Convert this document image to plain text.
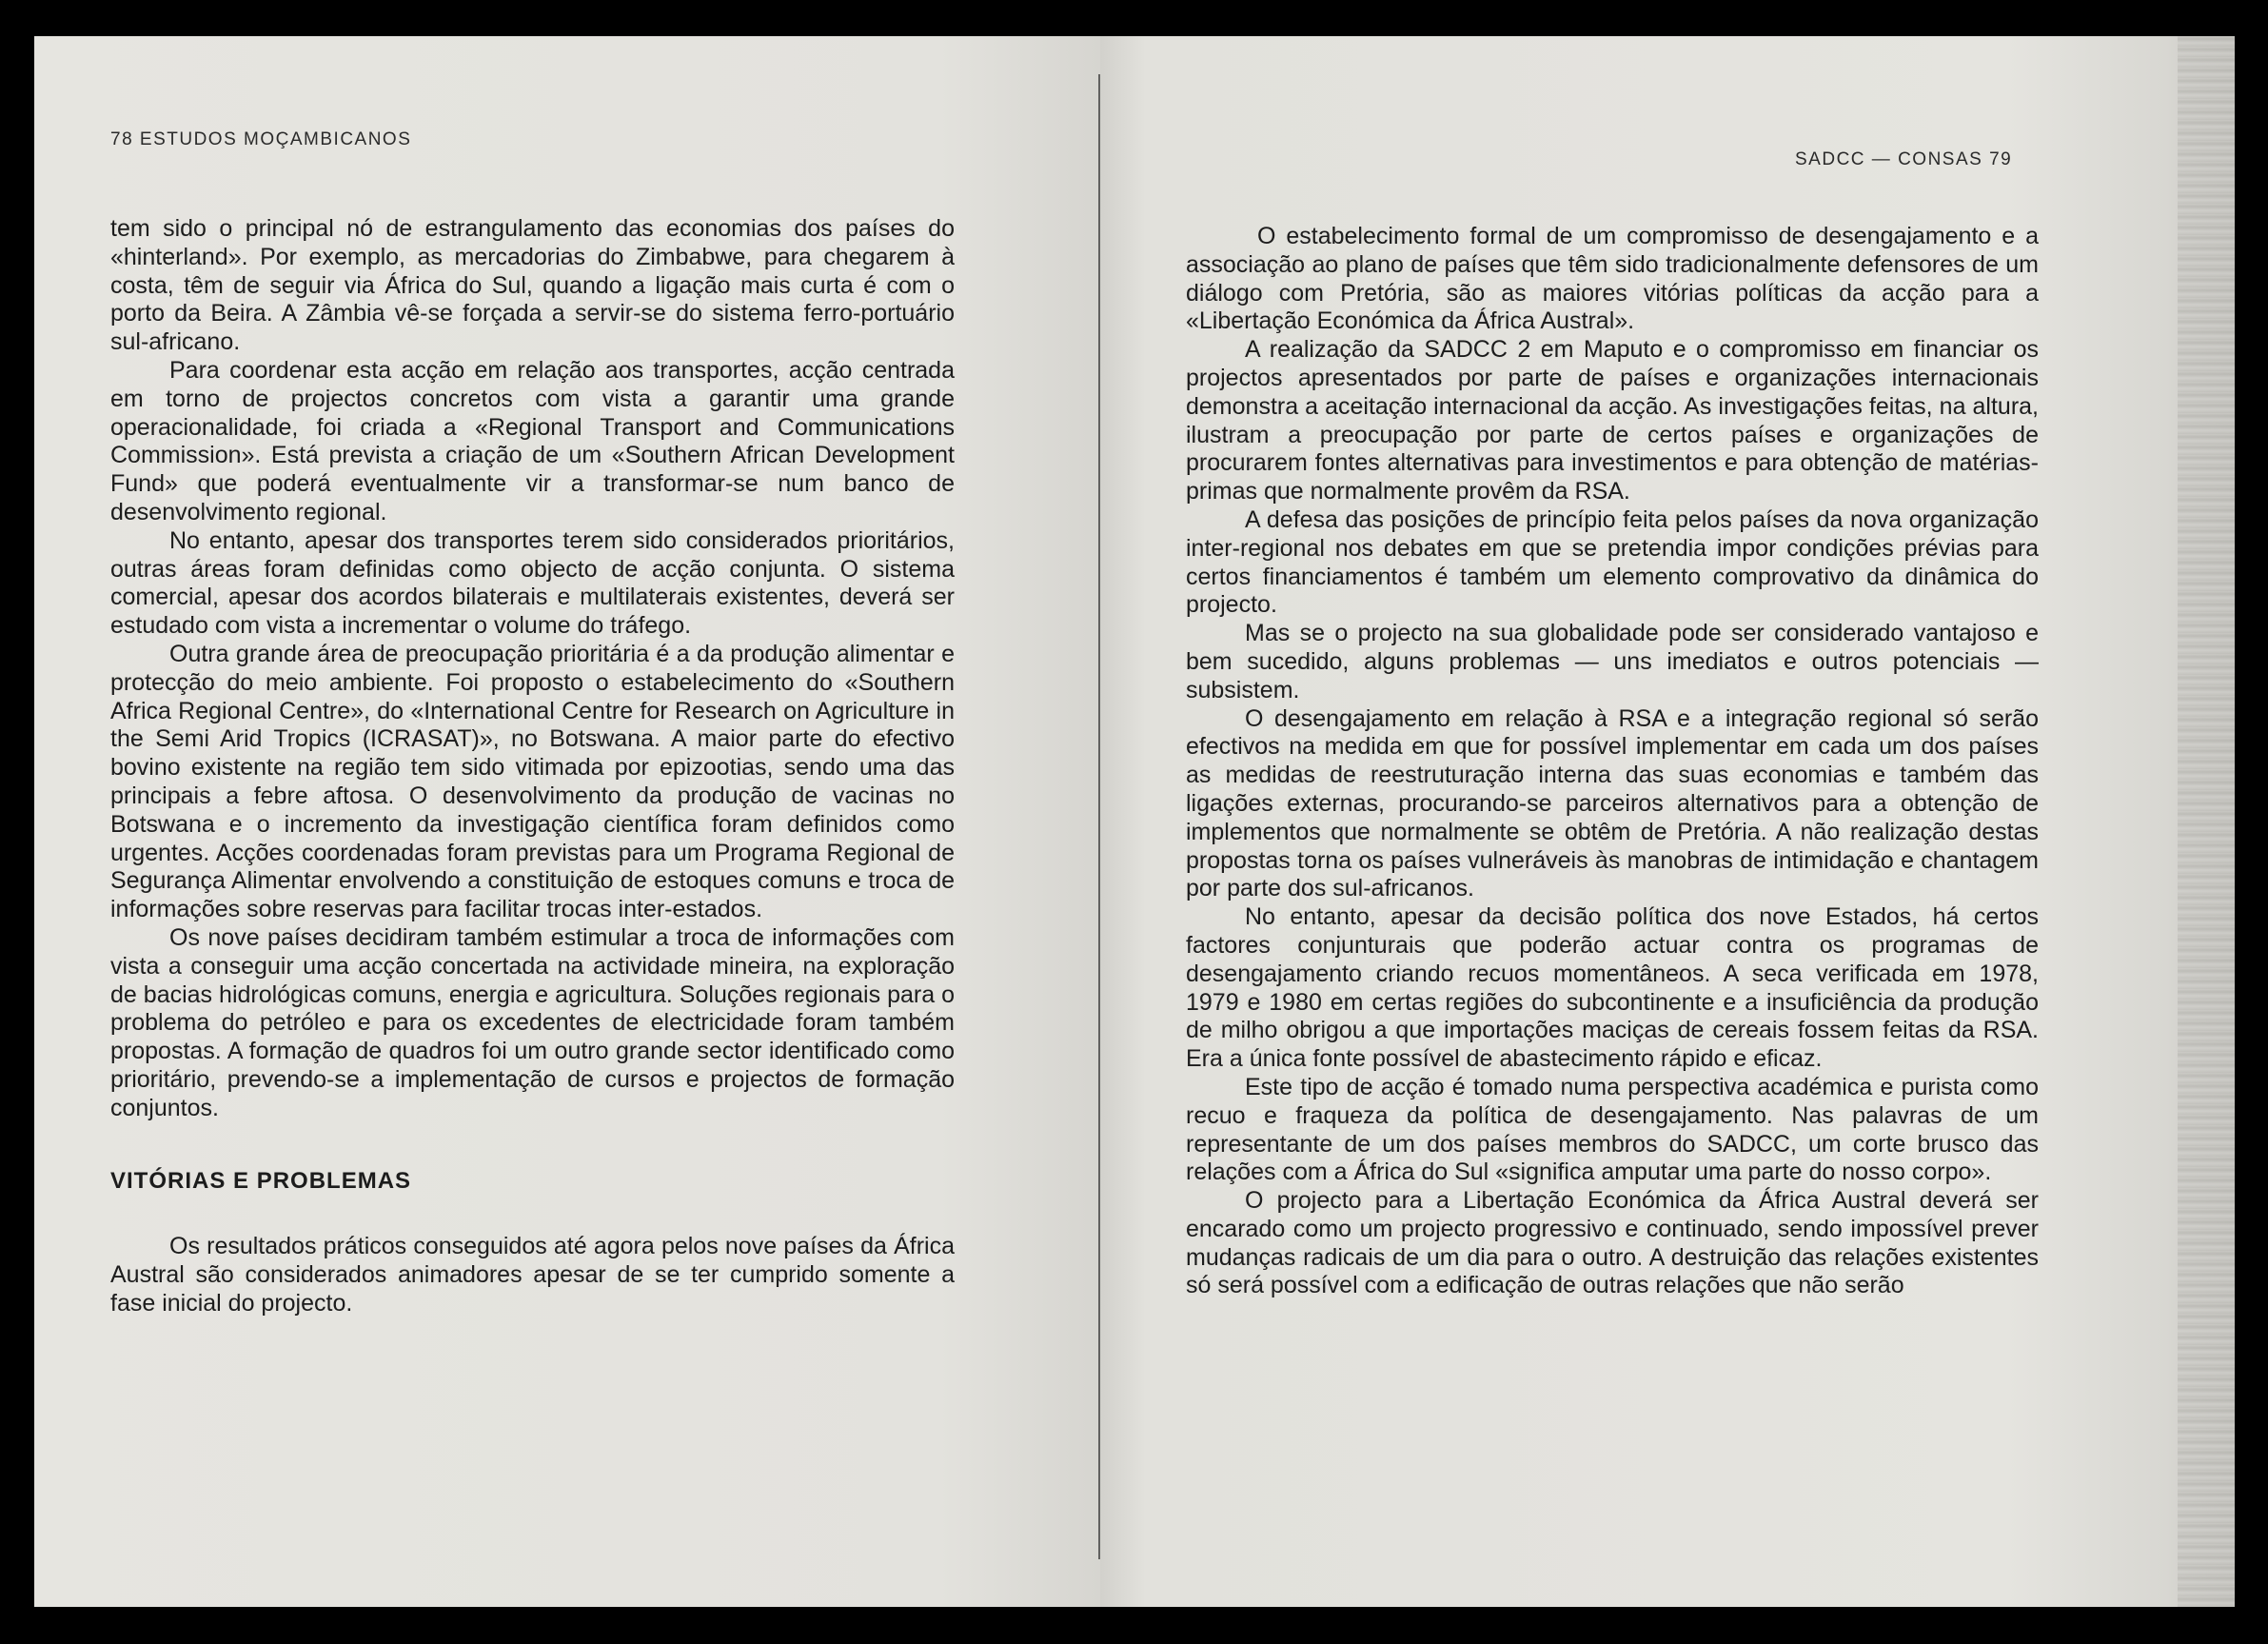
78 ESTUDOS MOÇAMBICANOS

tem sido o principal nó de estrangulamento das economias dos países do «hinterland». Por exemplo, as mercadorias do Zimbabwe, para chegarem à costa, têm de seguir via África do Sul, quando a ligação mais curta é com o porto da Beira. A Zâmbia vê-se forçada a servir-se do sistema ferro-portuário sul-africano.

Para coordenar esta acção em relação aos transportes, acção centrada em torno de projectos concretos com vista a garantir uma grande operacionalidade, foi criada a «Regional Transport and Communications Commission». Está prevista a criação de um «Southern African Development Fund» que poderá eventualmente vir a transformar-se num banco de desenvolvimento regional.

No entanto, apesar dos transportes terem sido considerados prioritários, outras áreas foram definidas como objecto de acção conjunta. O sistema comercial, apesar dos acordos bilaterais e multilaterais existentes, deverá ser estudado com vista a incrementar o volume do tráfego.

Outra grande área de preocupação prioritária é a da produção alimentar e protecção do meio ambiente. Foi proposto o estabelecimento do «Southern Africa Regional Centre», do «International Centre for Research on Agriculture in the Semi Arid Tropics (ICRASAT)», no Botswana. A maior parte do efectivo bovino existente na região tem sido vitimada por epizootias, sendo uma das principais a febre aftosa. O desenvolvimento da produção de vacinas no Botswana e o incremento da investigação científica foram definidos como urgentes. Acções coordenadas foram previstas para um Programa Regional de Segurança Alimentar envolvendo a constituição de estoques comuns e troca de informações sobre reservas para facilitar trocas inter-estados.

Os nove países decidiram também estimular a troca de informações com vista a conseguir uma acção concertada na actividade mineira, na exploração de bacias hidrológicas comuns, energia e agricultura. Soluções regionais para o problema do petróleo e para os excedentes de electricidade foram também propostas. A formação de quadros foi um outro grande sector identificado como prioritário, prevendo-se a implementação de cursos e projectos de formação conjuntos.

VITÓRIAS E PROBLEMAS

Os resultados práticos conseguidos até agora pelos nove países da África Austral são considerados animadores apesar de se ter cumprido somente a fase inicial do projecto.

SADCC — CONSAS 79

O estabelecimento formal de um compromisso de desengajamento e a associação ao plano de países que têm sido tradicionalmente defensores de um diálogo com Pretória, são as maiores vitórias políticas da acção para a «Libertação Económica da África Austral».

A realização da SADCC 2 em Maputo e o compromisso em financiar os projectos apresentados por parte de países e organizações internacionais demonstra a aceitação internacional da acção. As investigações feitas, na altura, ilustram a preocupação por parte de certos países e organizações de procurarem fontes alternativas para investimentos e para obtenção de matérias-primas que normalmente provêm da RSA.

A defesa das posições de princípio feita pelos países da nova organização inter-regional nos debates em que se pretendia impor condições prévias para certos financiamentos é também um elemento comprovativo da dinâmica do projecto.

Mas se o projecto na sua globalidade pode ser considerado vantajoso e bem sucedido, alguns problemas — uns imediatos e outros potenciais — subsistem.

O desengajamento em relação à RSA e a integração regional só serão efectivos na medida em que for possível implementar em cada um dos países as medidas de reestruturação interna das suas economias e também das ligações externas, procurando-se parceiros alternativos para a obtenção de implementos que normalmente se obtêm de Pretória. A não realização destas propostas torna os países vulneráveis às manobras de intimidação e chantagem por parte dos sul-africanos.

No entanto, apesar da decisão política dos nove Estados, há certos factores conjunturais que poderão actuar contra os programas de desengajamento criando recuos momentâneos. A seca verificada em 1978, 1979 e 1980 em certas regiões do subcontinente e a insuficiência da produção de milho obrigou a que importações maciças de cereais fossem feitas da RSA. Era a única fonte possível de abastecimento rápido e eficaz.

Este tipo de acção é tomado numa perspectiva académica e purista como recuo e fraqueza da política de desengajamento. Nas palavras de um representante de um dos países membros do SADCC, um corte brusco das relações com a África do Sul «significa amputar uma parte do nosso corpo».

O projecto para a Libertação Económica da África Austral deverá ser encarado como um projecto progressivo e continuado, sendo impossível prever mudanças radicais de um dia para o outro. A destruição das relações existentes só será possível com a edificação de outras relações que não serão
